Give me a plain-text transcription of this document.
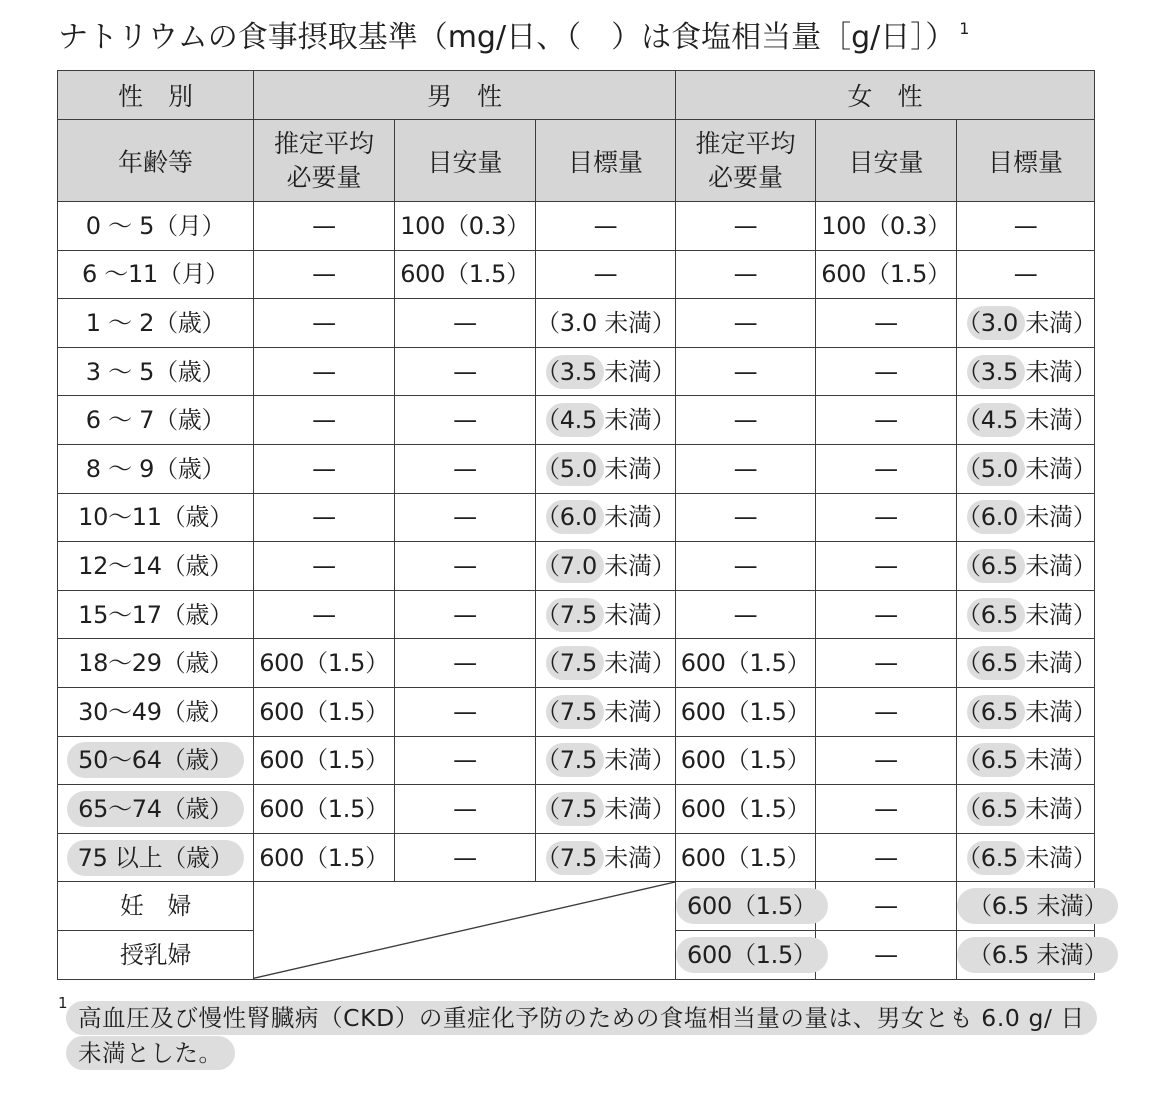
ナトリウムの食事摂取基準（mg/日、（　）は食塩相当量［g/日］） $^1$
性　別	男　性			女　性		
年齢等	推定平均必要量	目安量	目標量	推定平均必要量	目安量	目標量
0 ～ 5（月）	—	100（0.3）	—	—	100（0.3）	—
6 ～11（月）	—	600（1.5）	—	—	600（1.5）	—
1 ～ 2（歳）	—	—	（3.0 未満）	—	—	（3.0 未満）
3 ～ 5（歳）	—	—	（3.5 未満）	—	—	（3.5 未満）
6 ～ 7（歳）	—	—	（4.5 未満）	—	—	（4.5 未満）
8 ～ 9（歳）	—	—	（5.0 未満）	—	—	（5.0 未満）
10～11（歳）	—	—	（6.0 未満）	—	—	（6.0 未満）
12～14（歳）	—	—	（7.0 未満）	—	—	（6.5 未満）
15～17（歳）	—	—	（7.5 未満）	—	—	（6.5 未満）
18～29（歳）	600（1.5）	—	（7.5 未満）	600（1.5）	—	（6.5 未満）
30～49（歳）	600（1.5）	—	（7.5 未満）	600（1.5）	—	（6.5 未満）
50～64（歳）	600（1.5）	—	（7.5 未満）	600（1.5）	—	（6.5 未満）
65～74（歳）	600（1.5）	—	（7.5 未満）	600（1.5）	—	（6.5 未満）
75 以上（歳）	600（1.5）	—	（7.5 未満）	600（1.5）	—	（6.5 未満）
妊　婦				600（1.5）	—	（6.5 未満）
授乳婦				600（1.5）	—	（6.5 未満）
1
高血圧及び慢性腎臓病（CKD）の重症化予防のための食塩相当量の量は、男女とも 6.0 g/ 日
未満とした。
